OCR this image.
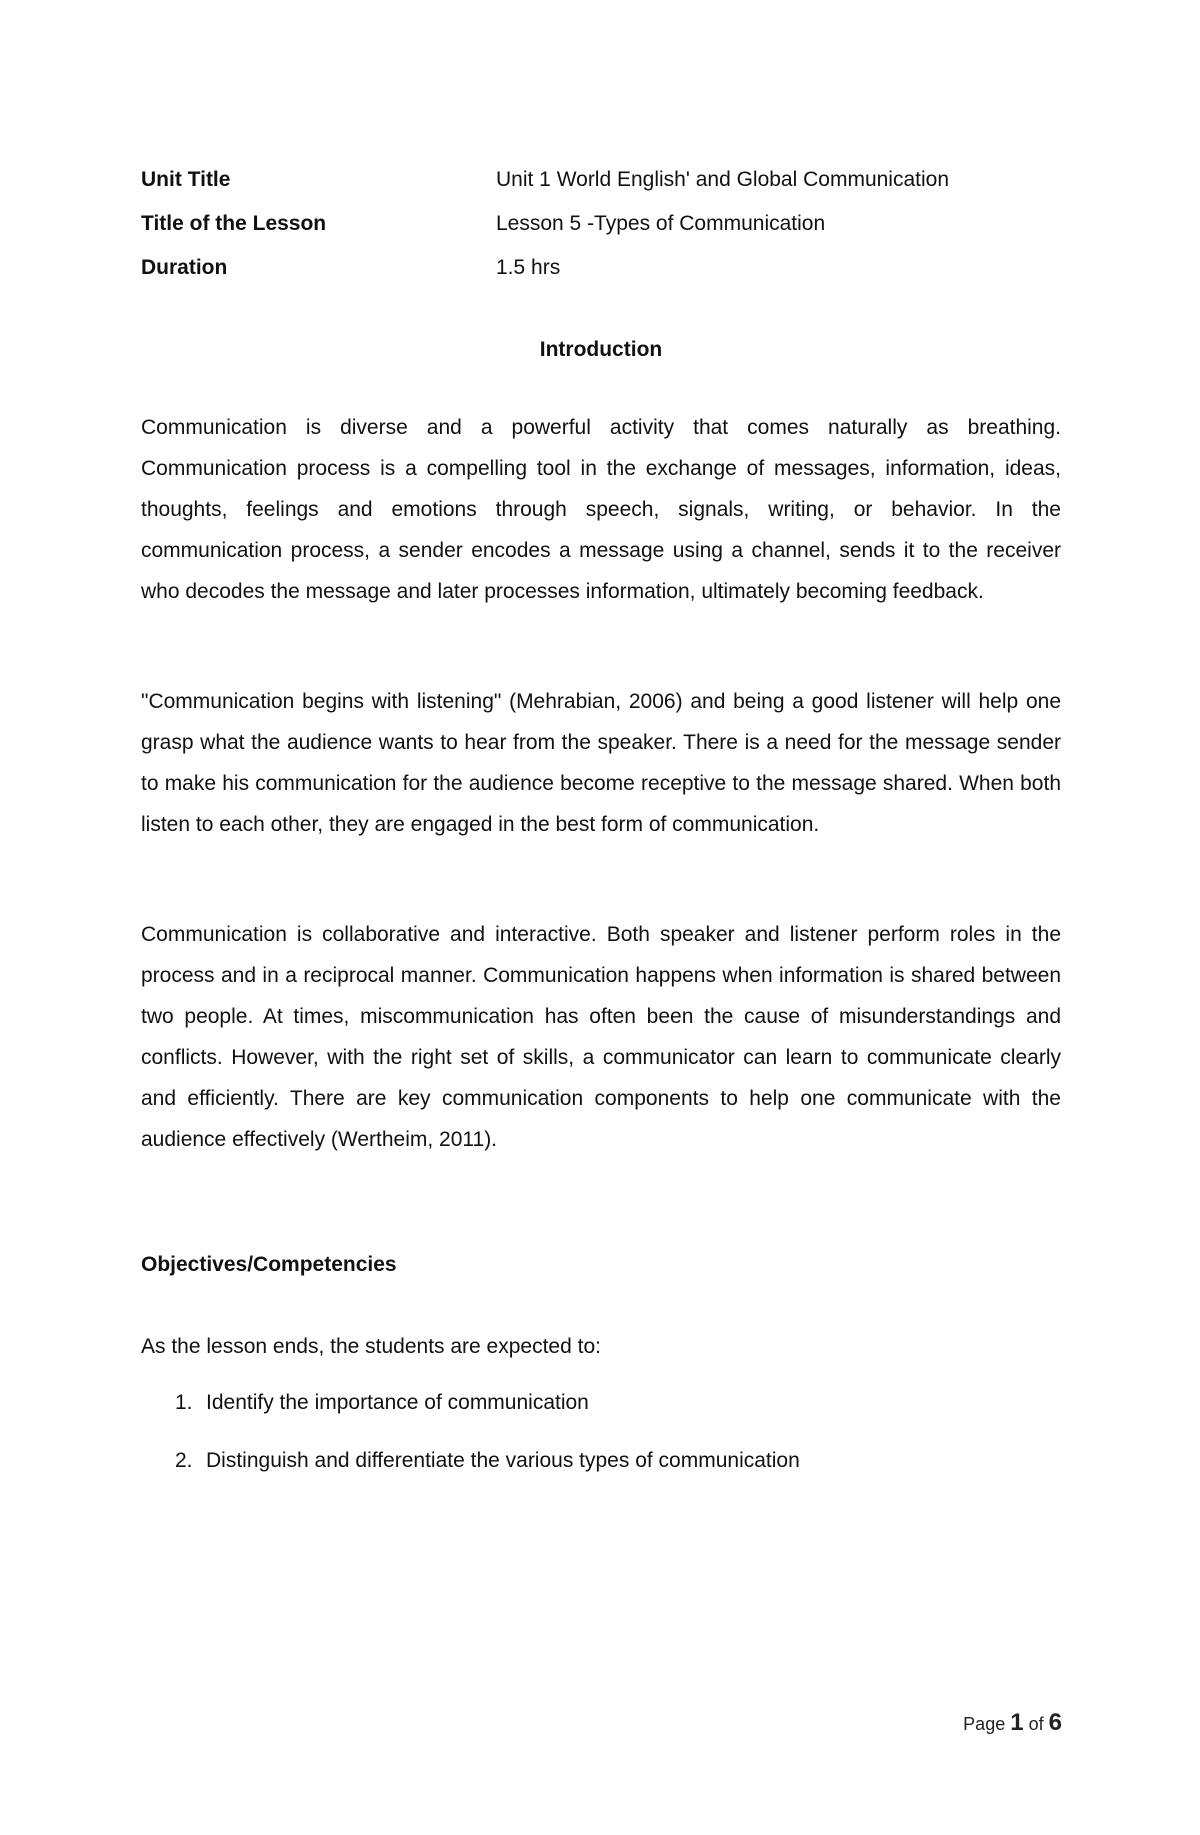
Unit Title	Unit 1 World English' and Global Communication
Title of the Lesson	Lesson 5 -Types of Communication
Duration	1.5 hrs
Introduction

Communication is diverse and a powerful activity that comes naturally as breathing. Communication process is a compelling tool in the exchange of messages, information, ideas, thoughts, feelings and emotions through speech, signals, writing, or behavior. In the communication process, a sender encodes a message using a channel, sends it to the receiver who decodes the message and later processes information, ultimately becoming feedback.

"Communication begins with listening" (Mehrabian, 2006) and being a good listener will help one grasp what the audience wants to hear from the speaker. There is a need for the message sender to make his communication for the audience become receptive to the message shared. When both listen to each other, they are engaged in the best form of communication.

Communication is collaborative and interactive. Both speaker and listener perform roles in the process and in a reciprocal manner. Communication happens when information is shared between two people. At times, miscommunication has often been the cause of misunderstandings and conflicts. However, with the right set of skills, a communicator can learn to communicate clearly and efficiently. There are key communication components to help one communicate with the audience effectively (Wertheim, 2011).

Objectives/Competencies

As the lesson ends, the students are expected to:

1. Identify the importance of communication
2. Distinguish and differentiate the various types of communication
Page 1 of 6
